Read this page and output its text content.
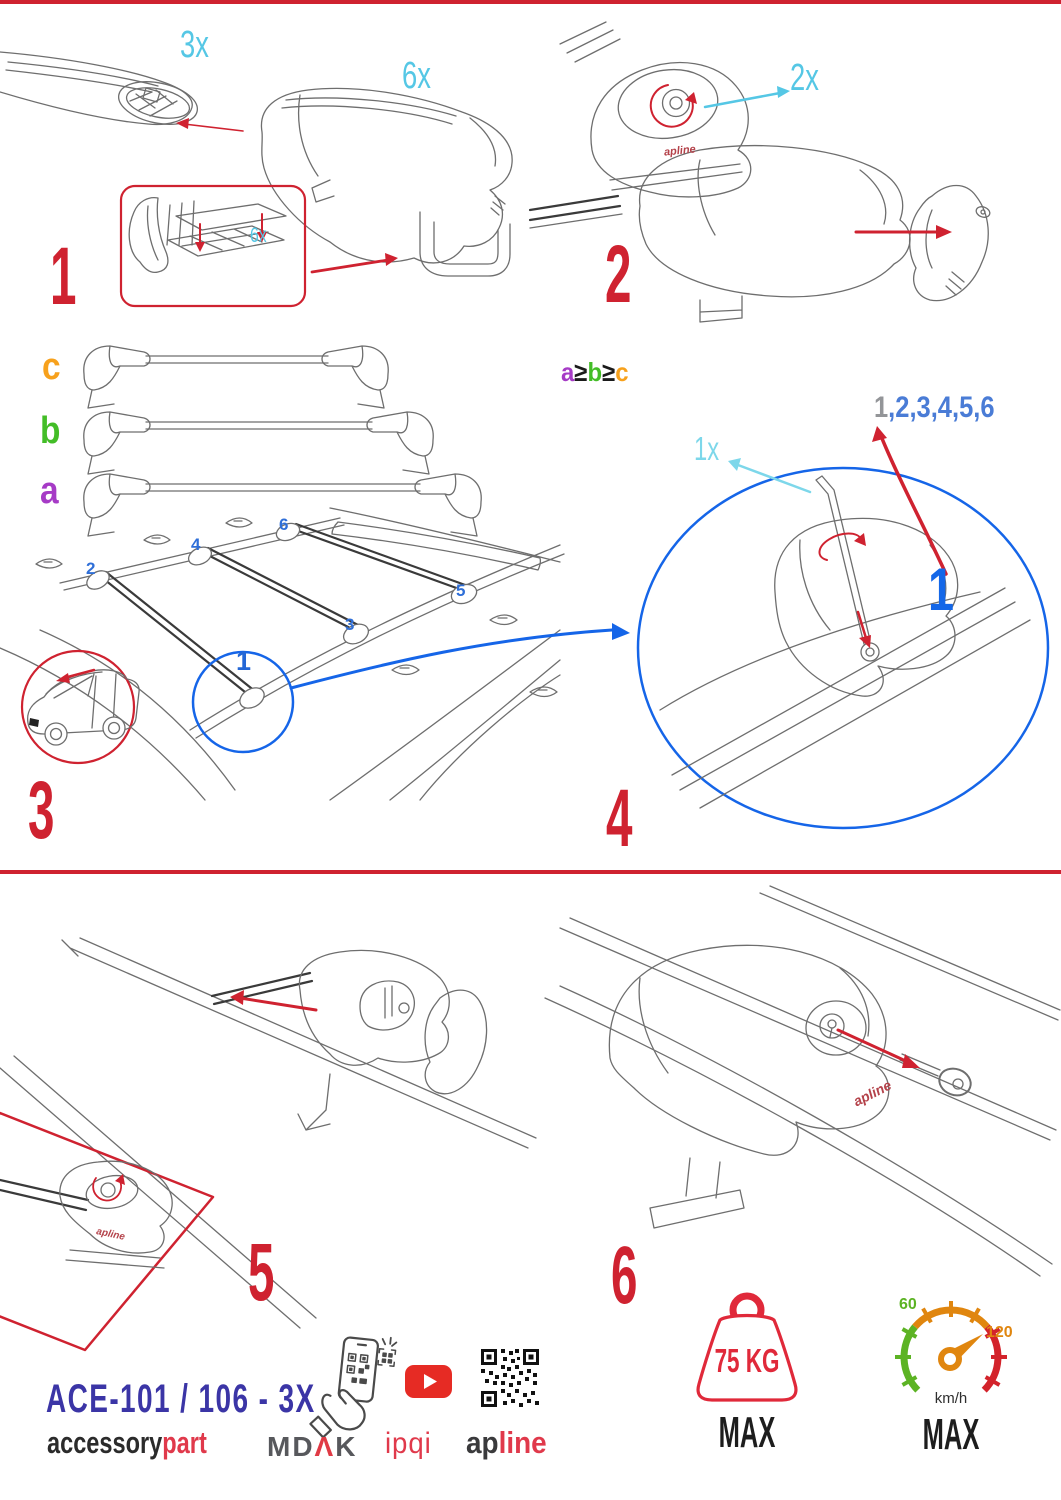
3x
6x
6x
1
2x
2
apline
c
b
a
2
4
6
3
5
1
3
a≥b≥c
1,2,3,4,5,6
1x
1
4
5
apline	6
apline
ACE-101 / 106 - 3X
accessorypart MDΛK ipqi apline
75 KG
MAX
60
120
km/h
MAX
